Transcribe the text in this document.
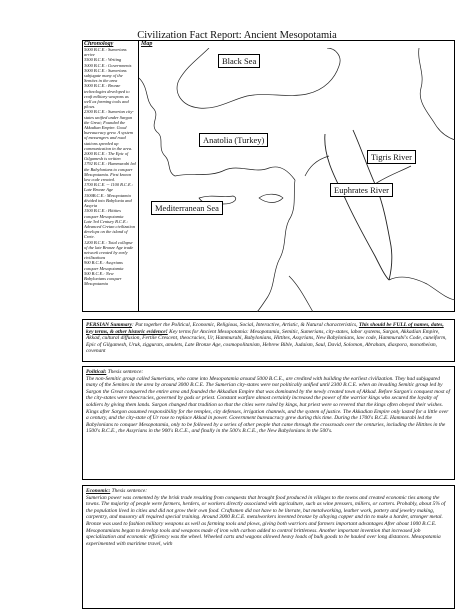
Civilization Fact Report: Ancient Mesopotamia
Chronology
5000 B.C.E.: Sumerians arrive
3500 B.C.E.: Writing
3000 B.C.E.: Governments
3000 B.C.E.: Sumerians subjugate many of the Semites in the area
3000 B.C.E.: Bronze technologies developed to craft military weapons as well as farming tools and plows.
2300 B.C.E.: Sumerian city-states unified under Sargon the Great; Founded the Akkadian Empire. Good bureaucracy grew. A system of messengers and road stations speeded up communication in the area.
2000 B.C.E.: The Epic of Gilgamesh is written
1792 B.C.E.: Hammurabi led the Babylonians to conquer Mesopotamia. First known law code created.
1700 B.C.E. -- 1100 B.C.E.: Late Bronze Age
1500B.C.E.: Mesopotamia divided into Babylonia and Assyria
1500 B.C.E.: Hittites conquer Mesopotamia
Late 3rd Century B.C.E.: Advanced Cretan civilization develops on the island of Crete.
1200 B.C.E.: Total collapse of the late Bronze Age trade network created by early civilizations
900 B.C.E.: Assyrians conquer Mesopotamia
500 B.C.E.: New Babylonians conquer Mesopotamia
Map
Black Sea
Anatolia (Turkey)
Tigris River
Euphrates River
Mediterranean Sea
PERSIAN Summary: Put together the Political, Economic, Religious, Social, Interactive, Artistic, & Natural characteristics, This should be FULL of names, dates, key terms, & other historic evidence! Key terms for Ancient Mesopotamia: Mesopotamia, Semitic, Sumerians, city-states, labor systems, Sargon, Akkadian Empire, Akkad, cultural diffusion, Fertile Crescent, theocracies, Ur, Hammurabi, Babylonians, Hittites, Assyrians, New Babylonians, law code, Hammurabi's Code, cuneiform, Epic of Gilgamesh, Uruk, ziggurats, amulets, Late Bronze Age, cosmopolitanism, Hebrew Bible, Judaism, Saul, David, Solomon, Abraham, diaspora, monotheism, covenant
Political: Thesis sentence:
The non-Semitic group called Sumerians, who came into Mesopotamia around 5000 B.C.E., are credited with building the earliest civilization. They had subjugated many of the Semites in the area by around 3000 B.C.E. The Sumerian city-states were not politically unified until 2300 B.C.E. when an invading Semitic group led by Sargon the Great conquered the entire area and founded the Akkadian Empire that was dominated by the newly created town of Akkad. Before Sargon's conquest most of the city-states were theocracies, governed by gods or priest. Constant warfare almost certainly increased the power of the warrior kings who secured the loyalty of soldiers by giving them lands. Sargon changed that tradition so that the cities were ruled by kings, but priest were so revered that the kings often obeyed their wishes. Kings after Sargon assumed responsibility for the temples, city defenses, irrigation channels, and the system of justice. The Akkadian Empire only lasted for a little over a century, and the city-state of Ur rose to replace Akkad in power. Government bureaucracy grew during this time. During the 1700's B.C.E. Hammurabi led the Babylonians to conquer Mesopotamia, only to be followed by a series of other people that came through the crossroads over the centuries, including the Hittites in the 1500's B.C.E., the Assyrians in the 900's B.C.E., and finally in the 500's B.C.E., the New Babylonians in the 500's.
Economic: Thesis sentence:
Sumerian power was cemented by the brisk trade resulting from conquests that brought food produced in villages to the towns and created economic ties among the towns. The majority of people were farmers, herders, or workers directly associated with agriculture, such as wine pressers, millers, or carters. Probably, about 5% of the population lived in cities and did not grow their own food. Craftsmen did not have to be literate, but metalworking, leather work, pottery and jewelry making, carpentry, and masonry all required special training. Around 3000 B.C.E. metalworkers invented bronze by alloying copper and tin to make a harder, stronger metal. Bronze was used to fashion military weapons as well as farming tools and plows, giving both warriors and farmers important advantages After about 1000 B.C.E. Mesopotamians began to develop tools and weapons made of iron with carbon added to control brittleness. Another important invention that increased job specialization and economic efficiency was the wheel. Wheeled carts and wagons allowed heavy loads of bulk goods to be hauled over long distances. Mesopotamia experimented with maritime travel, with
